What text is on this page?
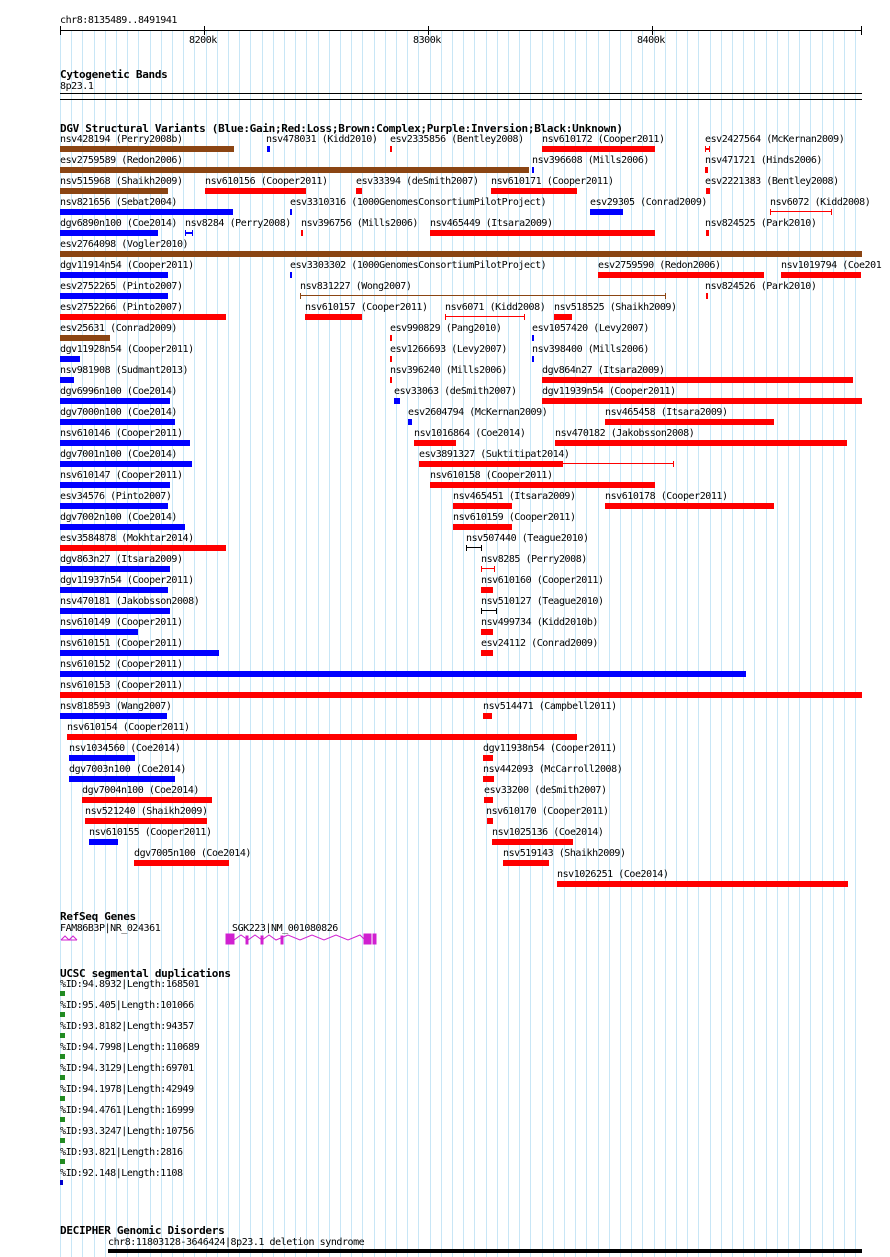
chr8:8135489..8491941
8200k	8300k	8400k
Cytogenetic Bands
8p23.1
DGV Structural Variants (Blue:Gain;Red:Loss;Brown:Complex;Purple:Inversion;Black:Unknown)
nsv428194 (Perry2008b)	nsv478031 (Kidd2010) esv2335856 (Bentley2008) nsv610172 (Cooper2011)	esv2427564 (McKernan2009)
esv2759589 (Redon2006)	nsv396608 (Mills2006)	nsv471721 (Hinds2006)
nsv515968 (Shaikh2009) nsv610156 (Cooper2011)	esv33394 (deSmith2007) nsv610171 (Cooper2011)	esv2221383 (Bentley2008)
nsv821656 (Sebat2004)	esv3310316 (1000GenomesConsortiumPilotProject)	esv29305 (Conrad2009)	nsv6072 (Kidd2008)
dgv6890n100 (Coe2014) nsv8284 (Perry2008) nsv396756 (Mills2006) nsv465449 (Itsara2009)	nsv824525 (Park2010)
esv2764098 (Vogler2010)
dgv11914n54 (Cooper2011)	esv3303302 (1000GenomesConsortiumPilotProject)	esv2759590 (Redon2006)	nsv1019794 (Coe201
esv2752265 (Pinto2007)	nsv831227 (Wong2007)	nsv824526 (Park2010)
esv2752266 (Pinto2007)	nsv610157 (Cooper2011) nsv6071 (Kidd2008) nsv518525 (Shaikh2009)
esv25631 (Conrad2009)	esv990829 (Pang2010)	esv1057420 (Levy2007)
dgv11928n54 (Cooper2011)	esv1266693 (Levy2007)	nsv398400 (Mills2006)
nsv981908 (Sudmant2013)	nsv396240 (Mills2006)	dgv864n27 (Itsara2009)
dgv6996n100 (Coe2014)	esv33063 (deSmith2007)	dgv11939n54 (Cooper2011)
dgv7000n100 (Coe2014)	esv2604794 (McKernan2009)	nsv465458 (Itsara2009)
nsv610146 (Cooper2011)	nsv1016864 (Coe2014)	nsv470182 (Jakobsson2008)
dgv7001n100 (Coe2014)	esv3891327 (Suktitipat2014)
nsv610147 (Cooper2011)	nsv610158 (Cooper2011)
esv34576 (Pinto2007)	nsv465451 (Itsara2009)	nsv610178 (Cooper2011)
dgv7002n100 (Coe2014)	nsv610159 (Cooper2011)
esv3584878 (Mokhtar2014)	nsv507440 (Teague2010)
dgv863n27 (Itsara2009)	nsv8285 (Perry2008)
dgv11937n54 (Cooper2011)	nsv610160 (Cooper2011)
nsv470181 (Jakobsson2008)	nsv510127 (Teague2010)
nsv610149 (Cooper2011)	nsv499734 (Kidd2010b)
nsv610151 (Cooper2011)	esv24112 (Conrad2009)
nsv610152 (Cooper2011)
nsv610153 (Cooper2011)
nsv818593 (Wang2007)	nsv514471 (Campbell2011)
nsv610154 (Cooper2011)
nsv1034560 (Coe2014)	dgv11938n54 (Cooper2011)
dgv7003n100 (Coe2014)	nsv442093 (McCarroll2008)
dgv7004n100 (Coe2014)	esv33200 (deSmith2007)
nsv521240 (Shaikh2009)	nsv610170 (Cooper2011)
nsv610155 (Cooper2011)	nsv1025136 (Coe2014)
dgv7005n100 (Coe2014)	nsv519143 (Shaikh2009)
nsv1026251 (Coe2014)
RefSeq Genes
FAM86B3P|NR_024361	SGK223|NM_001080826
UCSC segmental duplications
%ID:94.8932|Length:168501
%ID:95.405|Length:101066
%ID:93.8182|Length:94357
%ID:94.7998|Length:110689
%ID:94.3129|Length:69701
%ID:94.1978|Length:42949
%ID:94.4761|Length:16999
%ID:93.3247|Length:10756
%ID:93.821|Length:2816
%ID:92.148|Length:1108
DECIPHER Genomic Disorders
chr8:11803128-3646424|8p23.1 deletion syndrome
